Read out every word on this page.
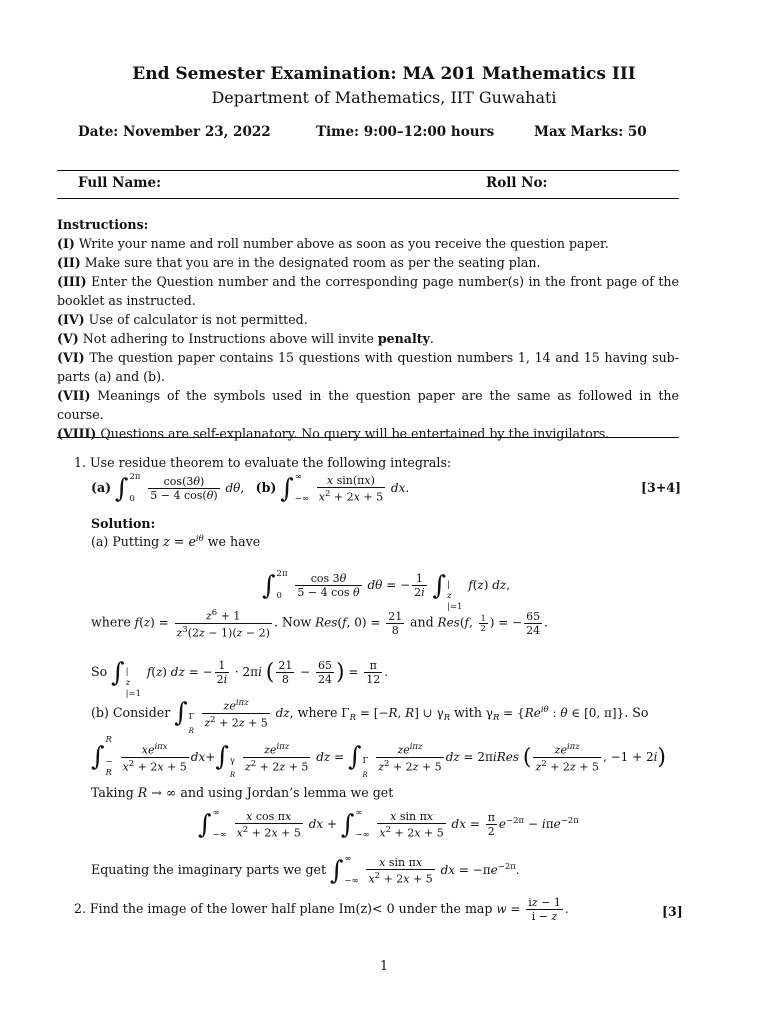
End Semester Examination: MA 201 Mathematics III
Department of Mathematics, IIT Guwahati
Date: November 23, 2022	Time: 9:00–12:00 hours	Max Marks: 50
Full Name:	Roll No:
Instructions:

(I) Write your name and roll number above as soon as you receive the question paper.

(II) Make sure that you are in the designated room as per the seating plan.

(III) Enter the Question number and the corresponding page number(s) in the front page of the booklet as instructed.

(IV) Use of calculator is not permitted.

(V) Not adhering to Instructions above will invite penalty.

(VI) The question paper contains 15 questions with question numbers 1, 14 and 15 having sub-parts (a) and (b).

(VII) Meanings of the symbols used in the question paper are the same as followed in the course.

(VIII) Questions are self-explanatory. No query will be entertained by the invigilators.

1. Use residue theorem to evaluate the following integrals:
(a) ∫ 2π

0
	$\frac{\cos(3\theta)}{5 - 4 \cos(\theta)} d\theta$,   (b) ∫ ∞

−∞
$\frac{\text{x sin(πx)}}{x^2 + 2x + 5}$ dx.	[3+4]
Solution:
(a) Putting $z = e^{i\theta}$ we have
∫ 2π

0
	$\frac{\cos 3\theta}{\text{5 − 4 cos θ}}$ dθ = − $\frac{1}{2i}$ ∫

|
z
|=1
f(z) dz,
where $f(z) = \frac{z^6 + 1}{z^3(2z - 1)(z - 2)}$ . Now Res(f, $0) = \frac{21}{8}$ and Res(f, $\frac{1}{2}$ ) = − $\frac{65}{24}$ .
So ∫

|
z
|=1
f(z) dz = − $\frac{1}{2i} \cdot 2\pi i$ ( $\frac{21}{8} - \frac{65}{24}$ ) = $\frac{\pi}{12}$ .
(b) Consider ∫

Γ
$_R$

$\frac{ze^{i\pi z}}{z^2 + 2z + 5}$ dz, where $\Gamma_R = [-R$, R] ∪ $\gamma_R$ with $\gamma_R = \{Re^{i\theta}$ : θ ∈ [0, π]}. So
∫
R

−
R
$\frac{xe^{i\pi x}}{x^2 + 2x + 5} dx+\int$

γ
$_R$

$\frac{ze^{i\pi z}}{z^2 + 2z + 5}$ dz = ∫

Γ
$_R$

$\frac{ze^{i\pi z}}{z^2 + 2z + 5}$ dz = 2πiRes ( $\frac{ze^{i\pi z}}{z^2 + 2z + 5}$ , −1 + 2i)
Taking R → ∞ and using Jordan’s lemma we get
∫ ∞

−∞
$\frac{\text{x cos πx}}{x^2 + 2x + 5}$ dx + ∫ ∞

−∞
$\frac{\text{x sin πx}}{x^2 + 2x + 5}$ dx = $\frac{\pi}{2} e^{-2\pi} - i\pi e^{-2\pi}$
Equating the imaginary parts we get ∫ ∞

−∞
$\frac{\text{x sin πx}}{x^2 + 2x + 5}$ dx = $-\pi e^{-2\pi}$.
2. Find the image of the lower half plane Im(z)< 0 under the map $w = \frac{iz - 1}{i - z}$ .	[3]
1
